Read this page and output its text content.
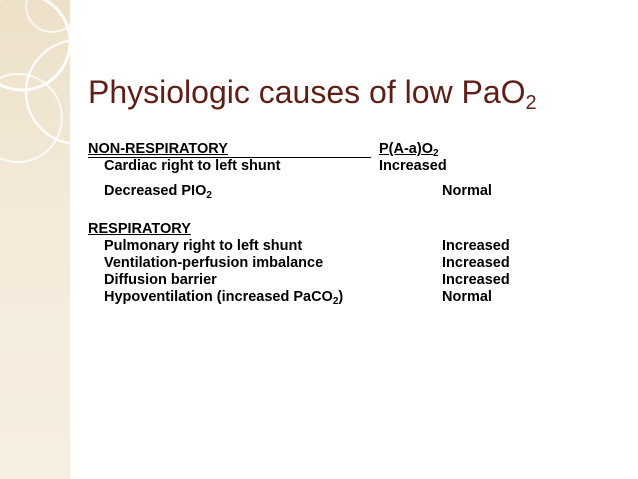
Physiologic causes of low PaO$_2$
NON-RESPIRATORY	$P(A-a)O_2$
Cardiac right to left shunt	Increased
Decreased $PIO_2$	Normal
RESPIRATORY
Pulmonary right to left shunt	Increased
Ventilation-perfusion imbalance	Increased
Diffusion barrier	Increased
Hypoventilation (increased PaCO$_2$)	Normal
